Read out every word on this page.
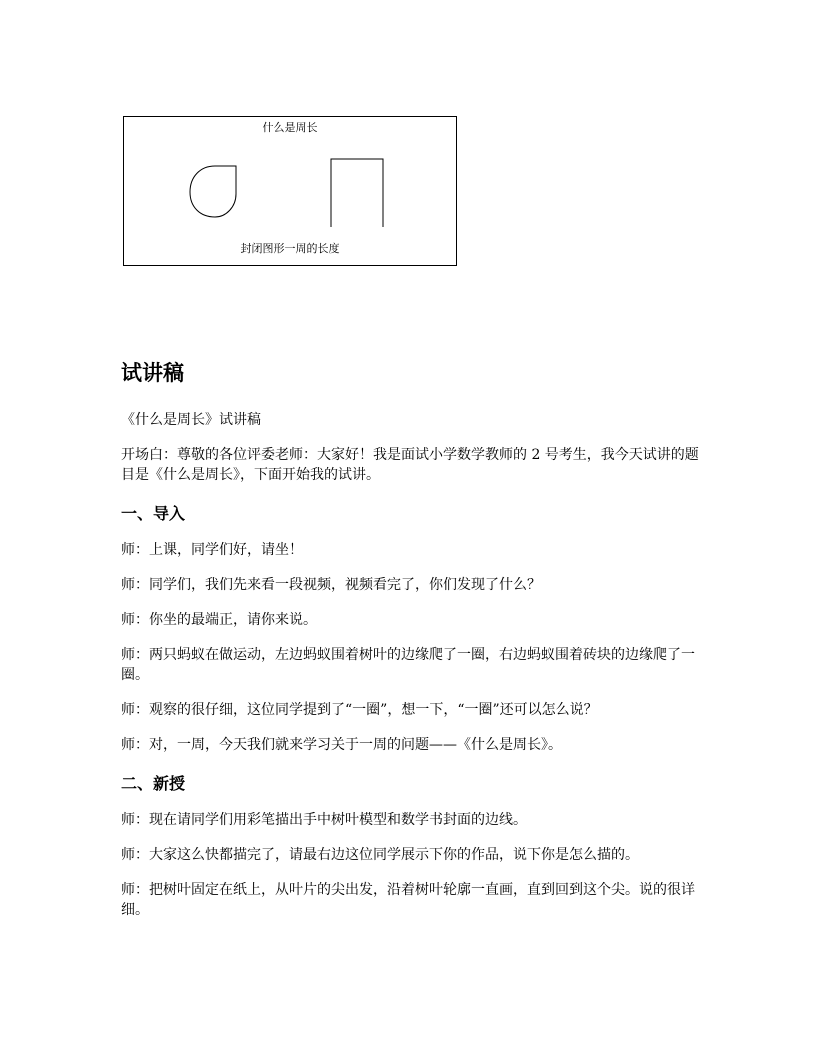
什么是周长
封闭图形一周的长度
试讲稿

《什么是周长》试讲稿

开场白：尊敬的各位评委老师：大家好！我是面试小学数学教师的 2 号考生，我今天试讲的题目是《什么是周长》，下面开始我的试讲。

一、导入

师：上课，同学们好，请坐！

师：同学们，我们先来看一段视频，视频看完了，你们发现了什么？

师：你坐的最端正，请你来说。

师：两只蚂蚁在做运动，左边蚂蚁围着树叶的边缘爬了一圈，右边蚂蚁围着砖块的边缘爬了一圈。

师：观察的很仔细，这位同学提到了“一圈”，想一下，“一圈”还可以怎么说？

师：对，一周，今天我们就来学习关于一周的问题——《什么是周长》。

二、新授

师：现在请同学们用彩笔描出手中树叶模型和数学书封面的边线。

师：大家这么快都描完了，请最右边这位同学展示下你的作品，说下你是怎么描的。

师：把树叶固定在纸上，从叶片的尖出发，沿着树叶轮廓一直画，直到回到这个尖。说的很详细。
